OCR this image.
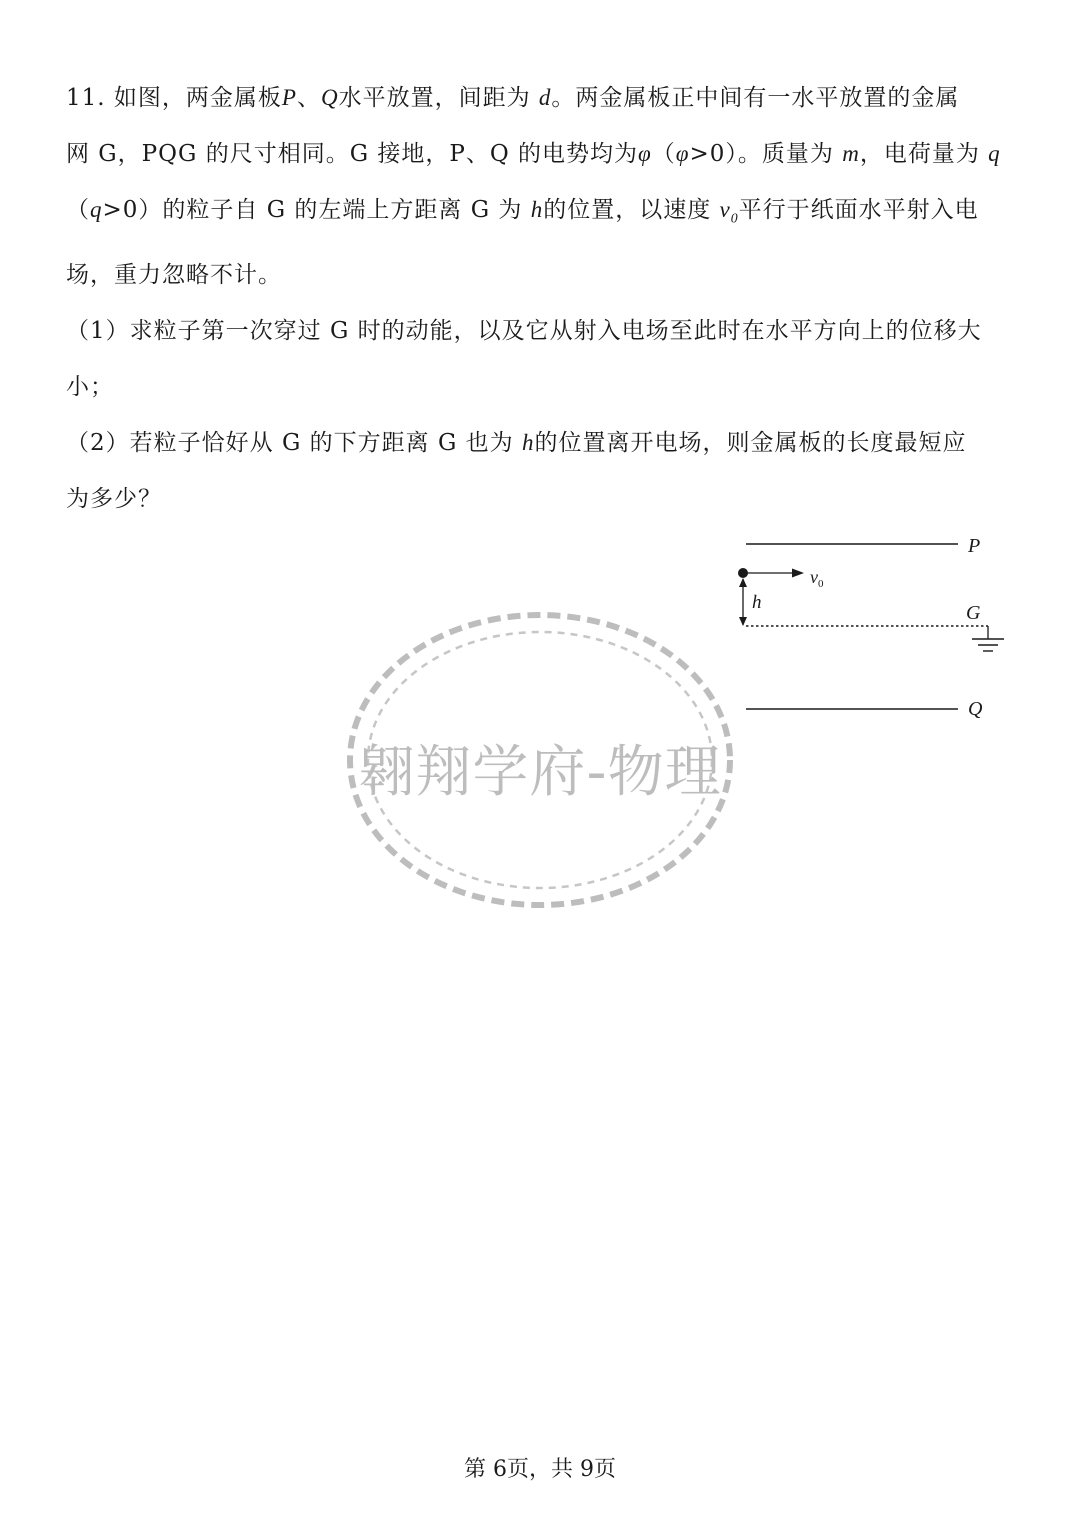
11. 如图，两金属板P、Q水平放置，间距为 d。两金属板正中间有一水平放置的金属

网 G，PQG 的尺寸相同。G 接地，P、Q 的电势均为φ（φ>0）。质量为 m，电荷量为 q

（q>0）的粒子自 G 的左端上方距离 G 为 h的位置，以速度 $v_0$平行于纸面水平射入电

场，重力忽略不计。

（1）求粒子第一次穿过 G 时的动能，以及它从射入电场至此时在水平方向上的位移大

小；

（2）若粒子恰好从 G 的下方距离 G 也为 h的位置离开电场，则金属板的长度最短应

为多少？

P
$v_0$
h	G
Q
翱翔学府-物理
第 6页，共 9页
